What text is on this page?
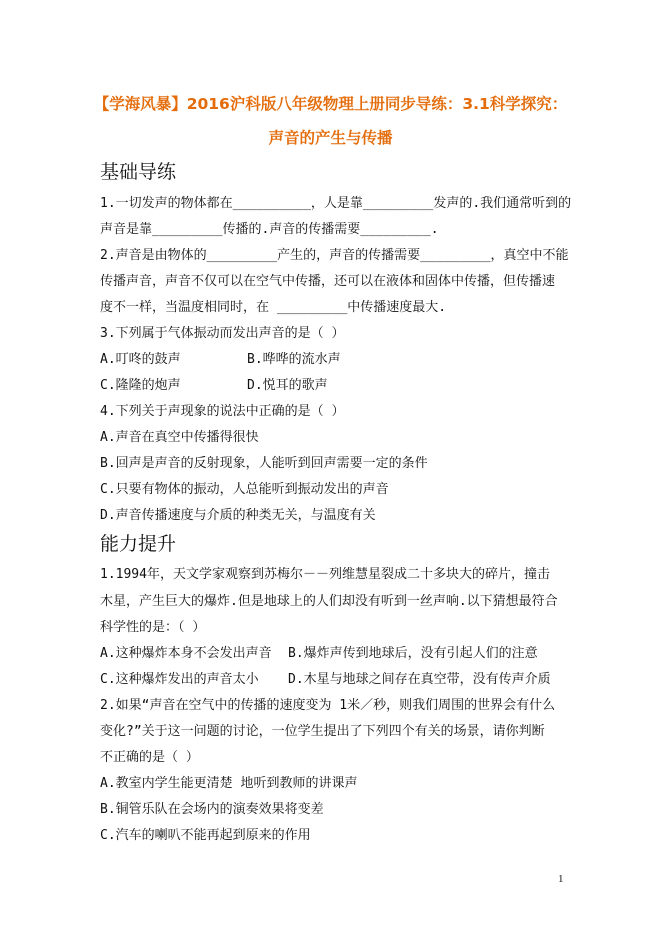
【学海风暴】2016沪科版八年级物理上册同步导练：3.1科学探究：
声音的产生与传播
基础导练
1.一切发声的物体都在__________，人是靠_________发声的.我们通常听到的
声音是靠_________传播的.声音的传播需要_________.
2.声音是由物体的_________产生的，声音的传播需要_________，真空中不能
传播声音，声音不仅可以在空气中传播，还可以在液体和固体中传播，但传播速
度不一样，当温度相同时，在 _________中传播速度最大.
3.下列属于气体振动而发出声音的是（ ）
A.叮咚的鼓声	B.哗哗的流水声
C.隆隆的炮声	D.悦耳的歌声
4.下列关于声现象的说法中正确的是（ ）
A.声音在真空中传播得很快
B.回声是声音的反射现象，人能听到回声需要一定的条件
C.只要有物体的振动，人总能听到振动发出的声音
D.声音传播速度与介质的种类无关，与温度有关
能力提升
1.1994年，天文学家观察到苏梅尔－－列维慧星裂成二十多块大的碎片，撞击
木星，产生巨大的爆炸.但是地球上的人们却没有听到一丝声响.以下猜想最符合
科学性的是：（ ）
A.这种爆炸本身不会发出声音 B.爆炸声传到地球后，没有引起人们的注意
C.这种爆炸发出的声音太小 D.木星与地球之间存在真空带，没有传声介质
2.如果“声音在空气中的传播的速度变为 1米／秒，则我们周围的世界会有什么
变化?”关于这一问题的讨论，一位学生提出了下列四个有关的场景，请你判断
不正确的是（ ）
A.教室内学生能更清楚 地听到教师的讲课声
B.铜管乐队在会场内的演奏效果将变差
C.汽车的喇叭不能再起到原来的作用
1
